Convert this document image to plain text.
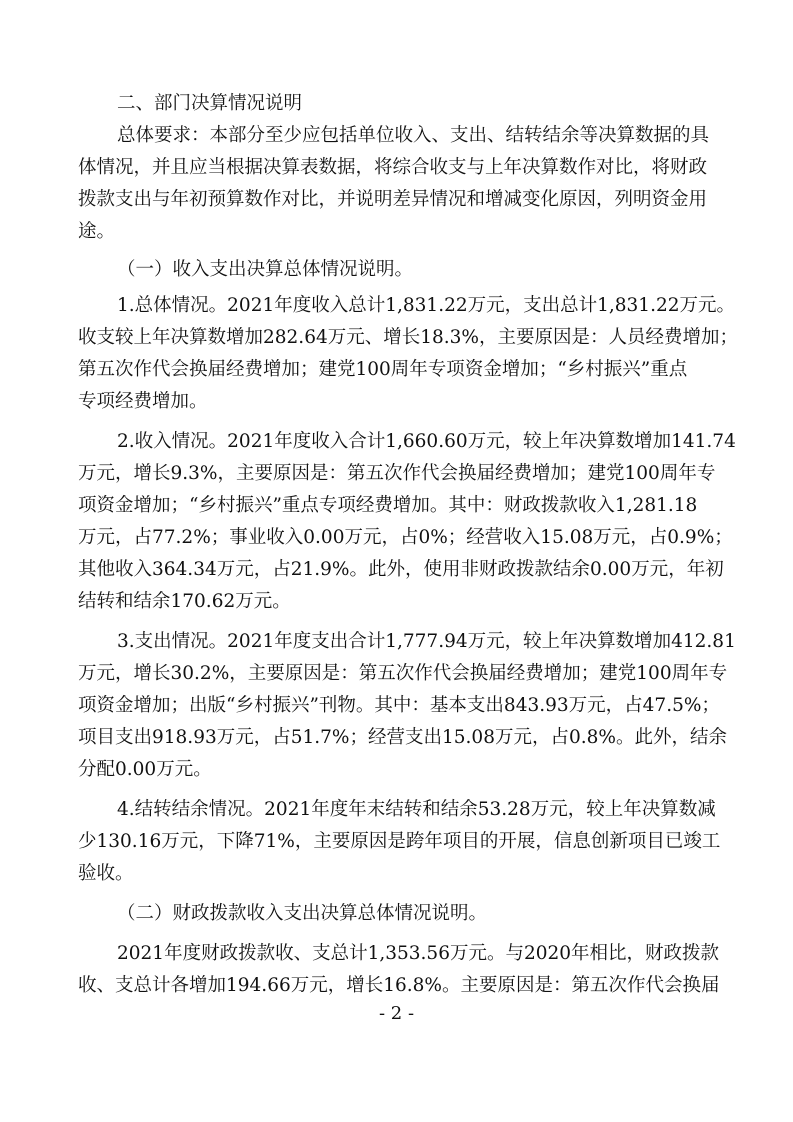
二、部门决算情况说明

总体要求：本部分至少应包括单位收入、支出、结转结余等决算数据的具

体情况，并且应当根据决算表数据，将综合收支与上年决算数作对比，将财政

拨款支出与年初预算数作对比，并说明差异情况和增减变化原因，列明资金用

途。

（一）收入支出决算总体情况说明。

1.总体情况。2021年度收入总计1,831.22万元，支出总计1,831.22万元。

收支较上年决算数增加282.64万元、增长18.3%，主要原因是：人员经费增加；

第五次作代会换届经费增加；建党100周年专项资金增加；“乡村振兴”重点

专项经费增加。

2.收入情况。2021年度收入合计1,660.60万元，较上年决算数增加141.74

万元，增长9.3%，主要原因是：第五次作代会换届经费增加；建党100周年专

项资金增加；“乡村振兴”重点专项经费增加。其中：财政拨款收入1,281.18

万元，占77.2%；事业收入0.00万元，占0%；经营收入15.08万元，占0.9%；

其他收入364.34万元，占21.9%。此外，使用非财政拨款结余0.00万元，年初

结转和结余170.62万元。

3.支出情况。2021年度支出合计1,777.94万元，较上年决算数增加412.81

万元，增长30.2%，主要原因是：第五次作代会换届经费增加；建党100周年专

项资金增加；出版“乡村振兴”刊物。其中：基本支出843.93万元，占47.5%；

项目支出918.93万元，占51.7%；经营支出15.08万元，占0.8%。此外，结余

分配0.00万元。

4.结转结余情况。2021年度年末结转和结余53.28万元，较上年决算数减

少130.16万元，下降71%，主要原因是跨年项目的开展，信息创新项目已竣工

验收。

（二）财政拨款收入支出决算总体情况说明。

2021年度财政拨款收、支总计1,353.56万元。与2020年相比，财政拨款

收、支总计各增加194.66万元，增长16.8%。主要原因是：第五次作代会换届

- 2 -
